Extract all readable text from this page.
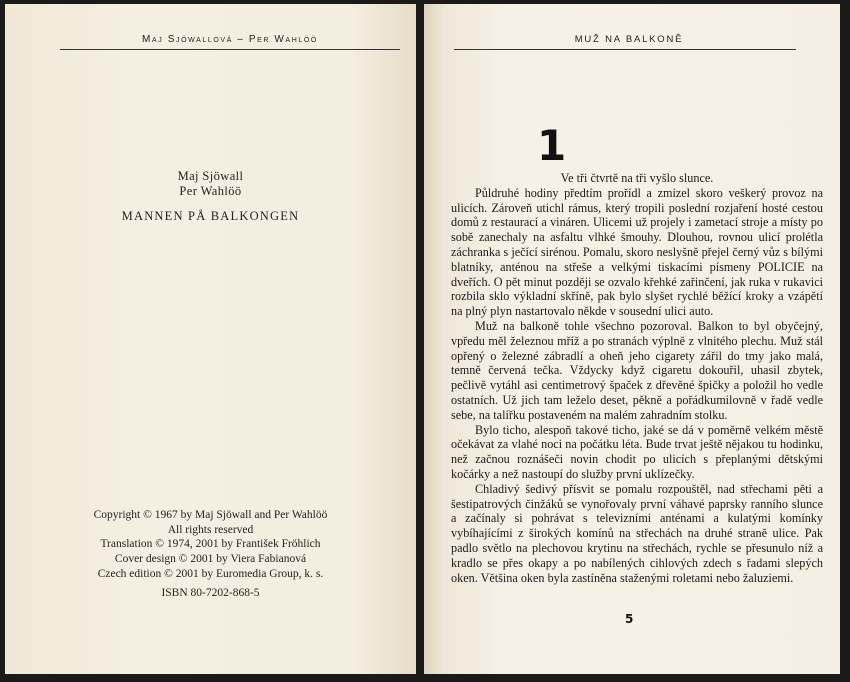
Maj Sjöwallová – Per Wahlöö
Maj Sjöwall
Per Wahlöö
MANNEN PÅ BALKONGEN
Copyright © 1967 by Maj Sjöwall and Per Wahlöö
All rights reserved
Translation © 1974, 2001 by František Fröhlich
Cover design © 2001 by Viera Fabianová
Czech edition © 2001 by Euromedia Group, k. s.
ISBN 80-7202-868-5
MUŽ NA BALKONĚ
1

Ve tři čtvrtě na tři vyšlo slunce.

Půldruhé hodiny předtím prořídl a zmizel skoro veškerý provoz na ulicích. Zároveň utichl rámus, který tropili poslední rozjaření hosté cestou domů z restaurací a vináren. Ulicemi už projely i zametací stroje a místy po sobě zanechaly na asfaltu vlhké šmouhy. Dlouhou, rovnou ulicí prolétla záchranka s ječící sirénou. Pomalu, skoro neslyšně přejel černý vůz s bílými blatníky, anténou na střeše a velkými tiskacími písmeny POLICIE na dveřích. O pět minut později se ozvalo křehké zařinčení, jak ruka v rukavici rozbila sklo výkladní skříně, pak bylo slyšet rychlé běžící kroky a vzápětí na plný plyn nastartovalo někde v sousední ulici auto.

Muž na balkoně tohle všechno pozoroval. Balkon to byl obyčejný, vpředu měl železnou mříž a po stranách výplně z vlnitého plechu. Muž stál opřený o železné zábradlí a oheň jeho cigarety zářil do tmy jako malá, temně červená tečka. Vždycky když cigaretu dokouřil, uhasil zbytek, pečlivě vytáhl asi centimetrový špaček z dřevěné špičky a položil ho vedle ostatních. Už jich tam leželo deset, pěkně a pořádkumilovně v řadě vedle sebe, na talířku postaveném na malém zahradním stolku.

Bylo ticho, alespoň takové ticho, jaké se dá v poměrně velkém městě očekávat za vlahé noci na počátku léta. Bude trvat ještě nějakou tu hodinku, než začnou roznášeči novin chodit po ulicích s přeplanými dětskými kočárky a než nastoupí do služby první uklízečky.

Chladivý šedivý přísvit se pomalu rozpouštěl, nad střechami pěti a šestipatrových činžáků se vynořovaly první váhavé paprsky ranního slunce a začínaly si pohrávat s televizními anténami a kulatými komínky vybíhajícími z širokých komínů na střechách na druhé straně ulice. Pak padlo světlo na plechovou krytinu na střechách, rychle se přesunulo níž a kradlo se přes okapy a po nabílených cihlových zdech s řadami slepých oken. Většina oken byla zastíněna staženými roletami nebo žaluziemi.

5
